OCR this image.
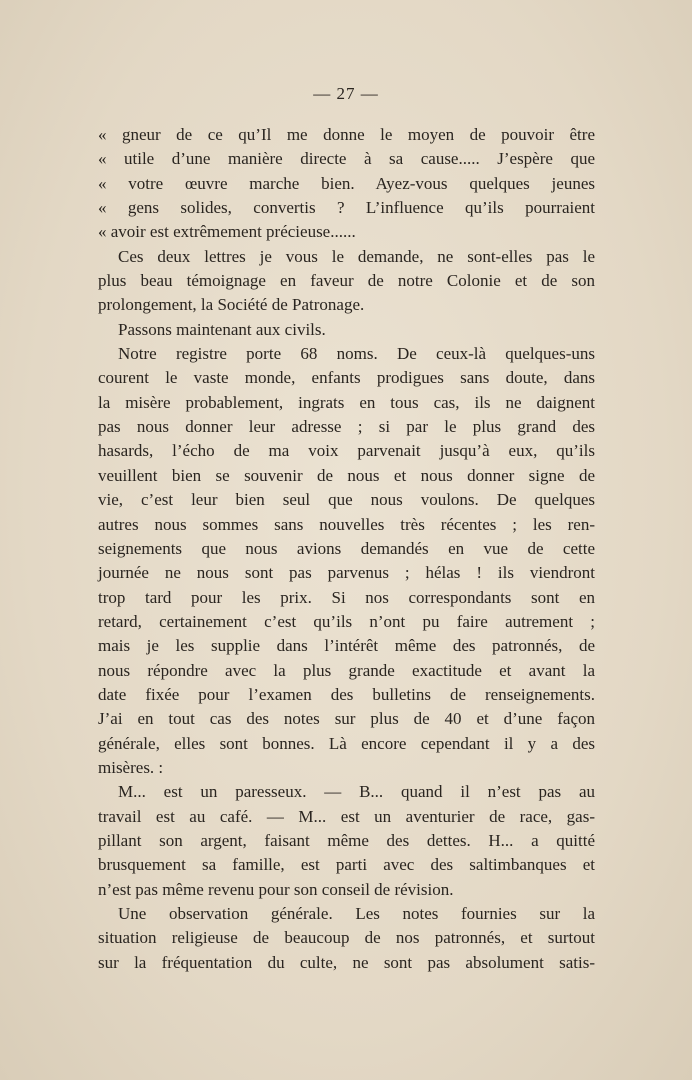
— 27 —
« gneur de ce qu’Il me donne le moyen de pouvoir être
« utile d’une manière directe à sa cause..... J’espère que
« votre œuvre marche bien. Ayez-vous quelques jeunes
« gens solides, convertis ? L’influence qu’ils pourraient
« avoir est extrêmement précieuse......
Ces deux lettres je vous le demande, ne sont-elles pas le
plus beau témoignage en faveur de notre Colonie et de son
prolongement, la Société de Patronage.
Passons maintenant aux civils.
Notre registre porte 68 noms. De ceux-là quelques-uns
courent le vaste monde, enfants prodigues sans doute, dans
la misère probablement, ingrats en tous cas, ils ne daignent
pas nous donner leur adresse ; si par le plus grand des
hasards, l’écho de ma voix parvenait jusqu’à eux, qu’ils
veuillent bien se souvenir de nous et nous donner signe de
vie, c’est leur bien seul que nous voulons. De quelques
autres nous sommes sans nouvelles très récentes ; les ren-
seignements que nous avions demandés en vue de cette
journée ne nous sont pas parvenus ; hélas ! ils viendront
trop tard pour les prix. Si nos correspondants sont en
retard, certainement c’est qu’ils n’ont pu faire autrement ;
mais je les supplie dans l’intérêt même des patronnés, de
nous répondre avec la plus grande exactitude et avant la
date fixée pour l’examen des bulletins de renseignements.
J’ai en tout cas des notes sur plus de 40 et d’une façon
générale, elles sont bonnes. Là encore cependant il y a des
misères. :
M... est un paresseux. — B... quand il n’est pas au
travail est au café. — M... est un aventurier de race, gas-
pillant son argent, faisant même des dettes. H... a quitté
brusquement sa famille, est parti avec des saltimbanques et
n’est pas même revenu pour son conseil de révision.
Une observation générale. Les notes fournies sur la
situation religieuse de beaucoup de nos patronnés, et surtout
sur la fréquentation du culte, ne sont pas absolument satis-
